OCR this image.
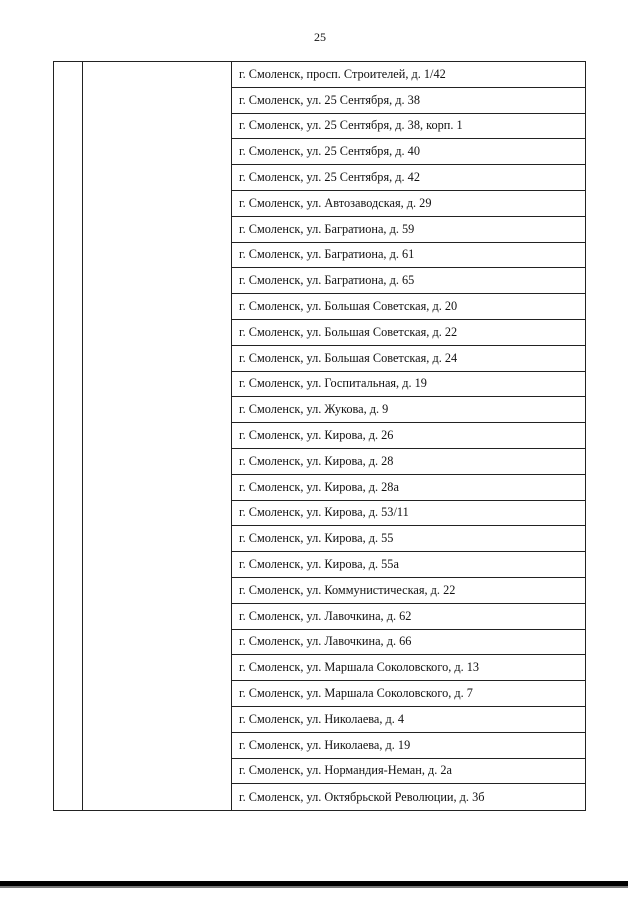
25
г. Смоленск, просп. Строителей, д. 1/42
г. Смоленск, ул. 25 Сентября, д. 38
г. Смоленск, ул. 25 Сентября, д. 38, корп. 1
г. Смоленск, ул. 25 Сентября, д. 40
г. Смоленск, ул. 25 Сентября, д. 42
г. Смоленск, ул. Автозаводская, д. 29
г. Смоленск, ул. Багратиона, д. 59
г. Смоленск, ул. Багратиона, д. 61
г. Смоленск, ул. Багратиона, д. 65
г. Смоленск, ул. Большая Советская, д. 20
г. Смоленск, ул. Большая Советская, д. 22
г. Смоленск, ул. Большая Советская, д. 24
г. Смоленск, ул. Госпитальная, д. 19
г. Смоленск, ул. Жукова, д. 9
г. Смоленск, ул. Кирова, д. 26
г. Смоленск, ул. Кирова, д. 28
г. Смоленск, ул. Кирова, д. 28а
г. Смоленск, ул. Кирова, д. 53/11
г. Смоленск, ул. Кирова, д. 55
г. Смоленск, ул. Кирова, д. 55а
г. Смоленск, ул. Коммунистическая, д. 22
г. Смоленск, ул. Лавочкина, д. 62
г. Смоленск, ул. Лавочкина, д. 66
г. Смоленск, ул. Маршала Соколовского, д. 13
г. Смоленск, ул. Маршала Соколовского, д. 7
г. Смоленск, ул. Николаева, д. 4
г. Смоленск, ул. Николаева, д. 19
г. Смоленск, ул. Нормандия-Неман, д. 2а
г. Смоленск, ул. Октябрьской Революции, д. 3б
